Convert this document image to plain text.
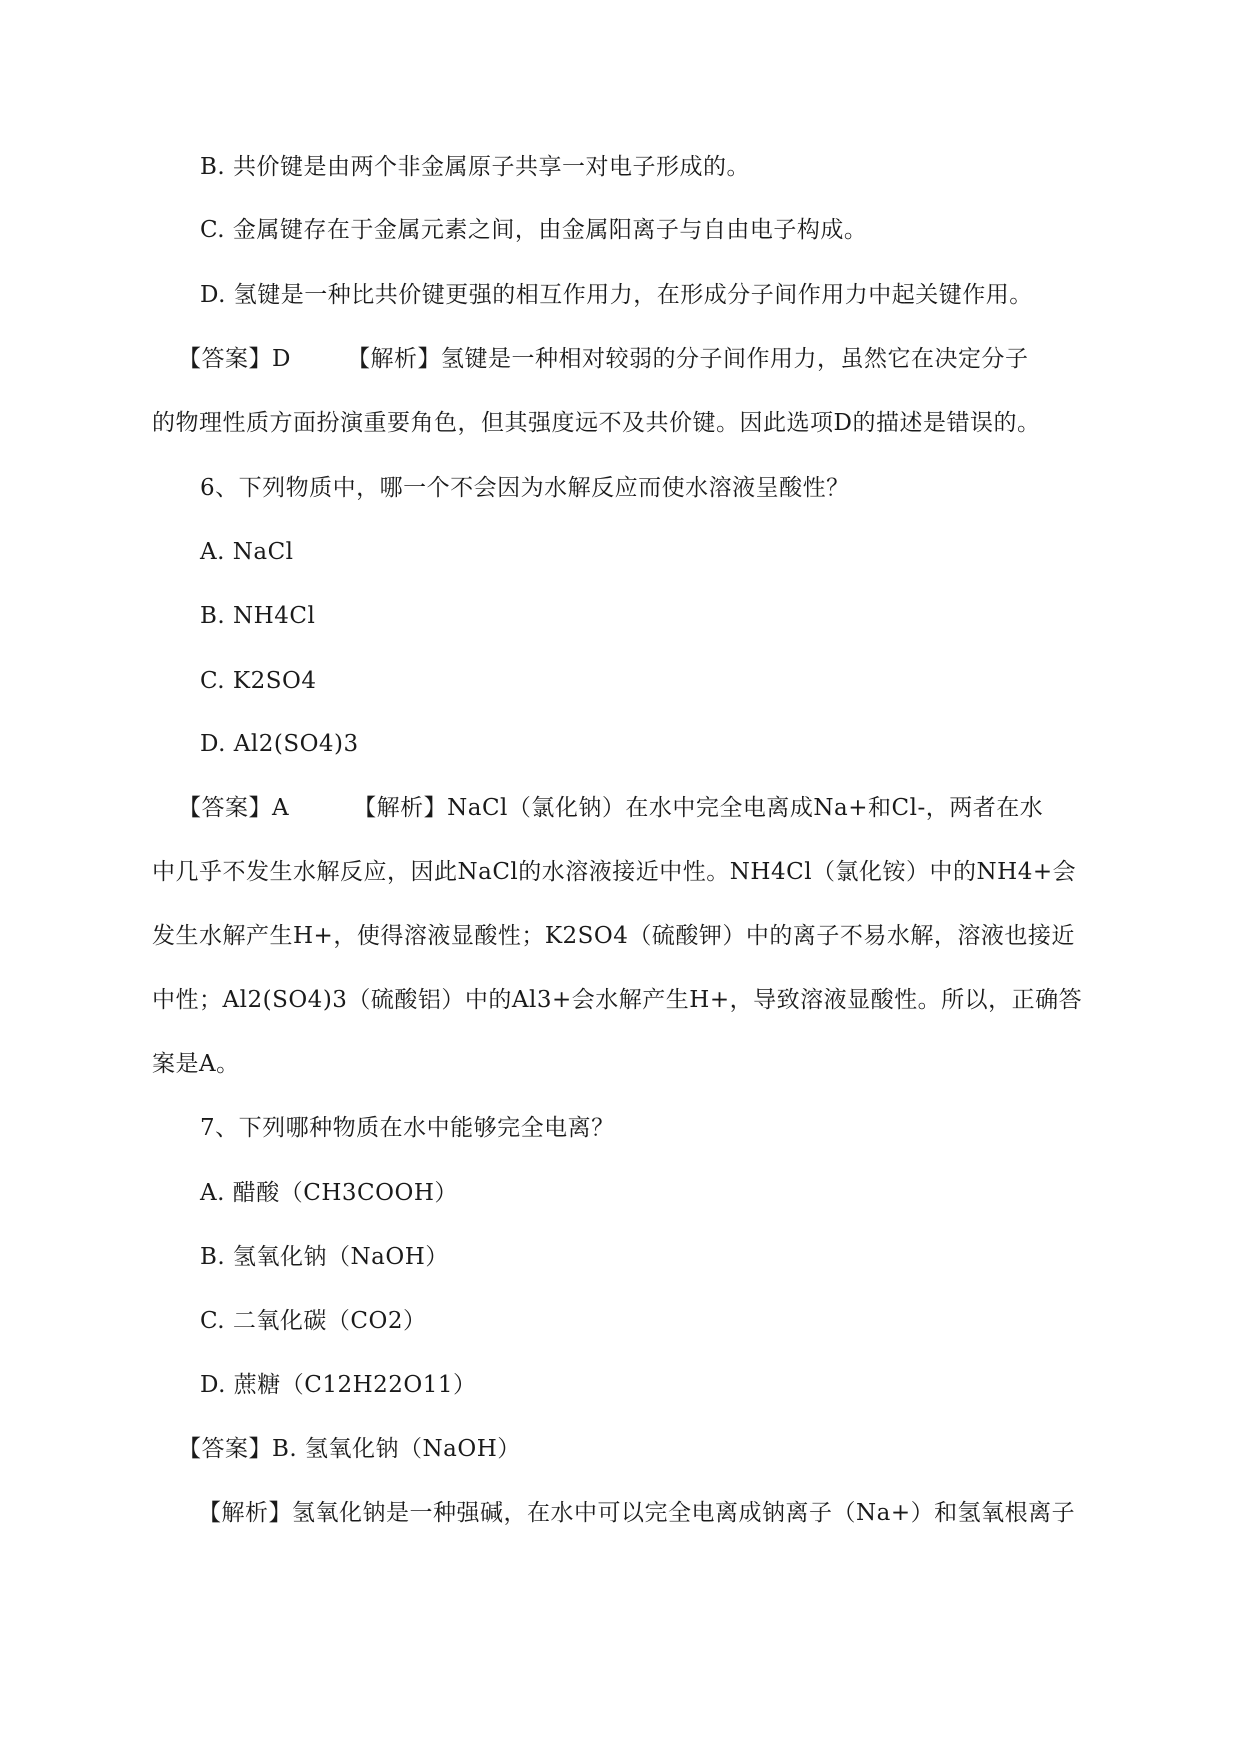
B. 共价键是由两个非金属原子共享一对电子形成的。
C. 金属键存在于金属元素之间，由金属阳离子与自由电子构成。
D. 氢键是一种比共价键更强的相互作用力，在形成分子间作用力中起关键作用。
【答案】D 【解析】氢键是一种相对较弱的分子间作用力，虽然它在决定分子
的物理性质方面扮演重要角色，但其强度远不及共价键。因此选项D的描述是错误的。
6、下列物质中，哪一个不会因为水解反应而使水溶液呈酸性？
A. NaCl
B. NH4Cl
C. K2SO4
D. Al2(SO4)3
【答案】A	【解析】NaCl（氯化钠）在水中完全电离成Na+和Cl-，两者在水
中几乎不发生水解反应，因此NaCl的水溶液接近中性。NH4Cl（氯化铵）中的NH4+会
发生水解产生H+，使得溶液显酸性；K2SO4（硫酸钾）中的离子不易水解，溶液也接近
中性；Al2(SO4)3（硫酸铝）中的Al3+会水解产生H+，导致溶液显酸性。所以，正确答
案是A。
7、下列哪种物质在水中能够完全电离？
A. 醋酸（CH3COOH）
B. 氢氧化钠（NaOH）
C. 二氧化碳（CO2）
D. 蔗糖（C12H22O11）
【答案】B. 氢氧化钠（NaOH）
【解析】氢氧化钠是一种强碱，在水中可以完全电离成钠离子（Na+）和氢氧根离子
